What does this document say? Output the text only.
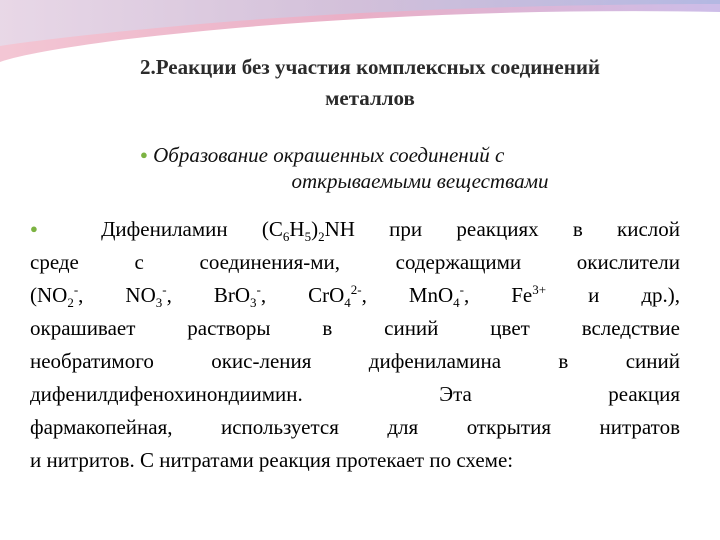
2.Реакции без участия комплексных соединений
металлов
● Образование окрашенных соединений с
открываемыми веществами
● Дифениламин $(C_6H_5)_2NH$ при реакциях в кислой
среде с соединения-ми, содержащими окислители
($NO_2^-$, $NO_3^-$, BrO$_3$-, CrO$_4^{2-}$, MnO$_4$-, $Fe^{3+}$ и др.),
окрашивает растворы в синий цвет вследствие
необратимого окис-ления дифениламина в синий
дифенилдифенохинондиимин. Эта реакция
фармакопейная, используется для открытия нитратов
и нитритов. С нитратами реакция протекает по схеме:
